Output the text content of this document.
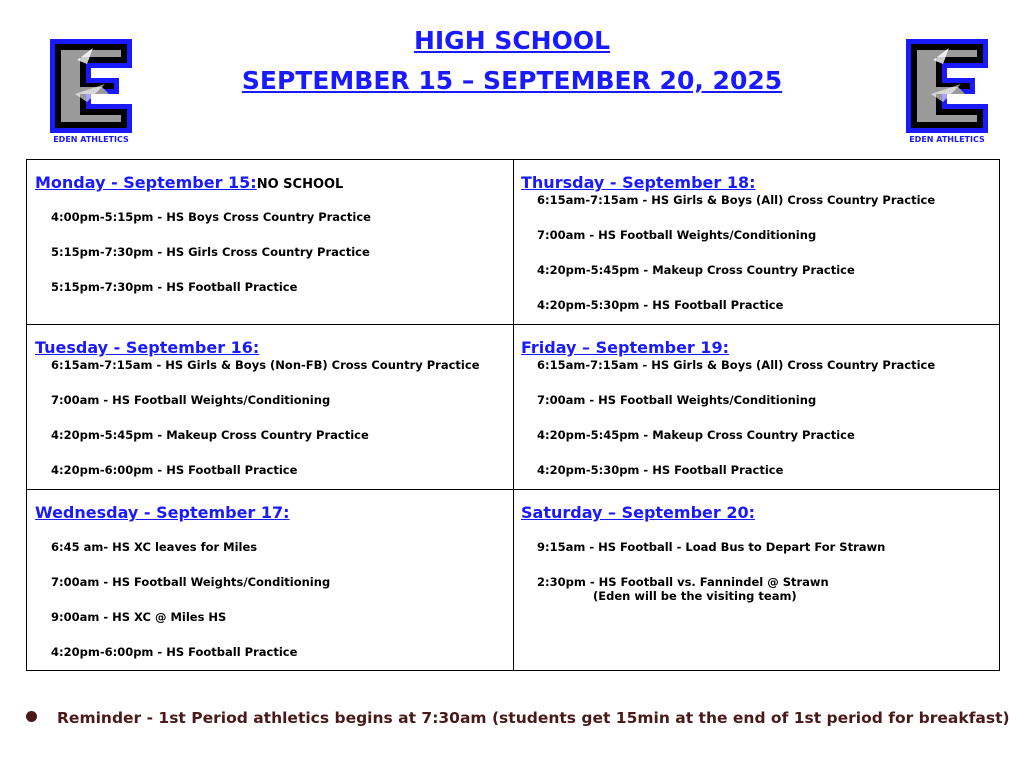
HIGH SCHOOL
SEPTEMBER 15 – SEPTEMBER 20, 2025
EDEN ATHLETICS	EDEN ATHLETICS
Monday - September 15:NO SCHOOL
4:00pm-5:15pm - HS Boys Cross Country Practice
5:15pm-7:30pm - HS Girls Cross Country Practice
5:15pm-7:30pm - HS Football Practice
Thursday - September 18:
6:15am-7:15am - HS Girls & Boys (All) Cross Country Practice
7:00am - HS Football Weights/Conditioning
4:20pm-5:45pm - Makeup Cross Country Practice
4:20pm-5:30pm - HS Football Practice
Tuesday - September 16:
6:15am-7:15am - HS Girls & Boys (Non-FB) Cross Country Practice
7:00am - HS Football Weights/Conditioning
4:20pm-5:45pm - Makeup Cross Country Practice
4:20pm-6:00pm - HS Football Practice
Friday – September 19:
6:15am-7:15am - HS Girls & Boys (All) Cross Country Practice
7:00am - HS Football Weights/Conditioning
4:20pm-5:45pm - Makeup Cross Country Practice
4:20pm-5:30pm - HS Football Practice
Wednesday - September 17:
6:45 am- HS XC leaves for Miles
7:00am - HS Football Weights/Conditioning
9:00am - HS XC @ Miles HS
4:20pm-6:00pm - HS Football Practice
Saturday – September 20:
9:15am - HS Football - Load Bus to Depart For Strawn
2:30pm - HS Football vs. Fannindel @ Strawn
(Eden will be the visiting team)
Reminder - 1st Period athletics begins at 7:30am (students get 15min at the end of 1st period for breakfast)
